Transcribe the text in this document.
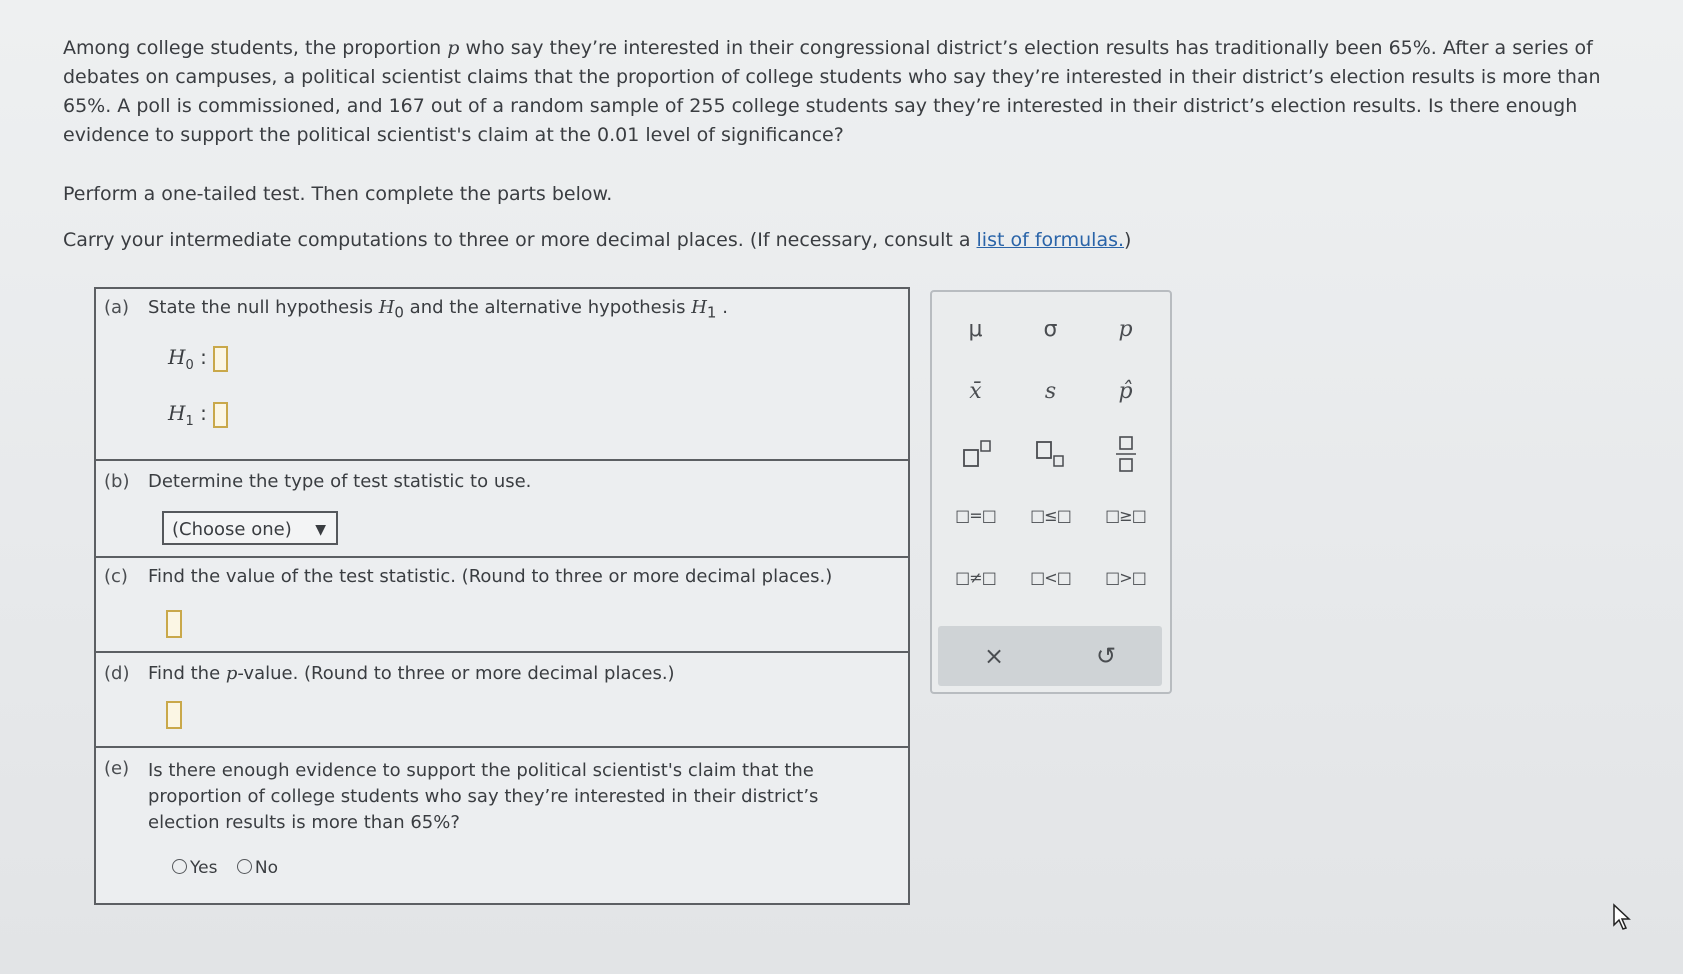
Among college students, the proportion p who say they’re interested in their congressional district’s election results has traditionally been 65%. After a series of debates on campuses, a political scientist claims that the proportion of college students who say they’re interested in their district’s election results is more than 65%. A poll is commissioned, and 167 out of a random sample of 255 college students say they’re interested in their district’s election results. Is there enough evidence to support the political scientist's claim at the 0.01 level of significance?

Perform a one-tailed test. Then complete the parts below.

Carry your intermediate computations to three or more decimal places. (If necessary, consult a list of formulas.)

(a) State the null hypothesis $H_0$ and the alternative hypothesis $H_1$ .
$H_0$ :
$H_1$ :
(b) Determine the type of test statistic to use.
(Choose one) ▼
(c) Find the value of the test statistic. (Round to three or more decimal places.)
(d) Find the p-value. (Round to three or more decimal places.)
(e) Is there enough evidence to support the political scientist's claim that the proportion of college students who say they’re interested in their district’s election results is more than 65%?
Yes No
μ	σ	p
x̄	s	p̂
□=□	□≤□	□≥□
□≠□	□<□	□>□
×	↺
